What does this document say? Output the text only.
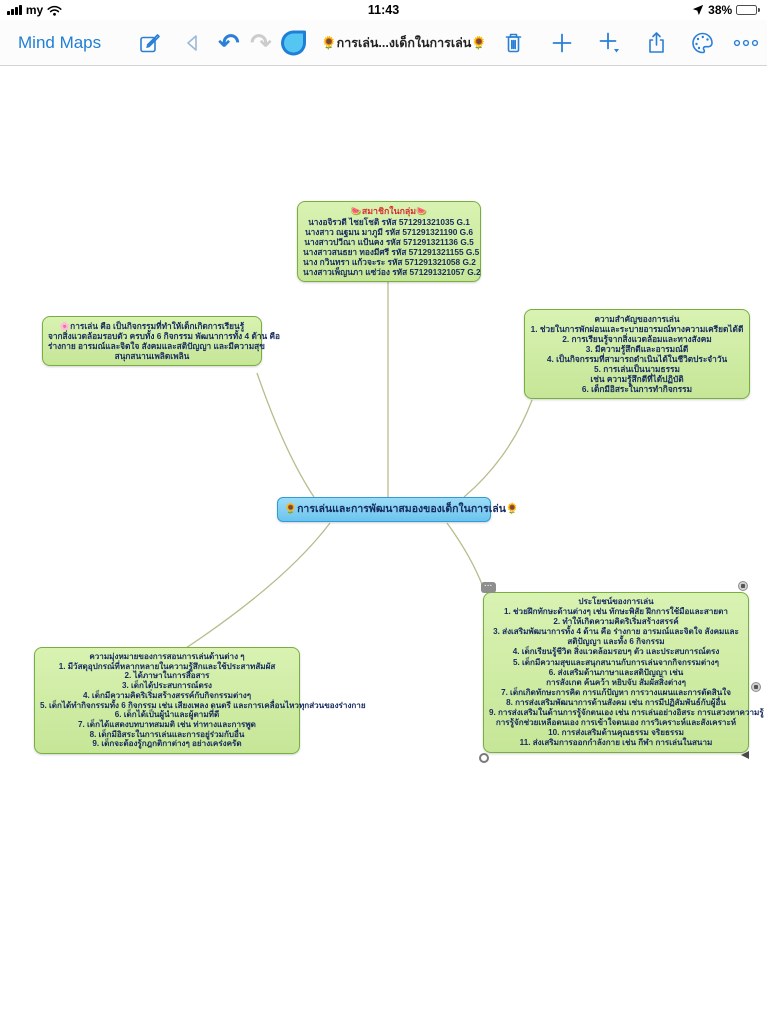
my	11:43	38%
Mind Maps	↶ ↷	🌻การเล่น...งเด็กในการเล่น🌻
🍉สมาชิกในกลุ่ม🍉
นางอจิรวดี ไชยโชติ รหัส 571291321035 G.1
นางสาว ณฐมน มาภูมี รหัส 571291321190 G.6
นางสาวปวีณา แป้นคง รหัส 571291321136 G.5
นางสาวสนธยา ทองมีศรี รหัส 571291321155 G.5
นาง กวินทรา แก้วจะระ รหัส 571291321058 G.2
นางสาวเพ็ญนภา แซ่ว่อง รหัส 571291321057 G.2
🌸การเล่น คือ เป็นกิจกรรมที่ทำให้เด็กเกิดการเรียนรู้
จากสิ่งแวดล้อมรอบตัว ครบทั้ง 6 กิจกรรม พัฒนาการทั้ง 4 ด้าน คือ
ร่างกาย อารมณ์และจิตใจ สังคมและสติปัญญา และมีความสุข
สนุกสนานเพลิดเพลิน
ความสำคัญของการเล่น
1. ช่วยในการพักผ่อนและระบายอารมณ์ทางความเครียดได้ดี
2. การเรียนรู้จากสิ่งแวดล้อมและทางสังคม
3. มีความรู้สึกดีและอารมณ์ดี
4. เป็นกิจกรรมที่สามารถดำเนินได้ในชีวิตประจำวัน
5. การเล่นเป็นนามธรรม
เช่น ความรู้สึกดีที่ได้ปฏิบัติ
6. เด็กมีอิสระในการทำกิจกรรม
🌻การเล่นและการพัฒนาสมองของเด็กในการเล่น🌻
ความมุ่งหมายของการสอนการเล่นด้านต่าง ๆ
1. มีวัสดุอุปกรณ์ที่หลากหลายในความรู้สึกและใช้ประสาทสัมผัส
2. ได้ภาษาในการสื่อสาร
3. เด็กได้ประสบการณ์ตรง
4. เด็กมีความคิดริเริ่มสร้างสรรค์กับกิจกรรมต่างๆ
5. เด็กได้ทำกิจกรรมทั้ง 6 กิจกรรม เช่น เสียงเพลง ดนตรี และการเคลื่อนไหวทุกส่วนของร่างกาย
6. เด็กได้เป็นผู้นำและผู้ตามที่ดี
7. เด็กได้แสดงบทบาทสมมติ เช่น ท่าทางและการพูด
8. เด็กมีอิสระในการเล่นและการอยู่ร่วมกับอื่น
9. เด็กจะต้องรู้กฎกติกาต่างๆ อย่างเคร่งครัด
ประโยชน์ของการเล่น
1. ช่วยฝึกทักษะด้านต่างๆ เช่น ทักษะพิสัย ฝึกการใช้มือและสายตา
2. ทำให้เกิดความคิดริเริ่มสร้างสรรค์
3. ส่งเสริมพัฒนาการทั้ง 4 ด้าน คือ ร่างกาย อารมณ์และจิตใจ สังคมและ
สติปัญญา และทั้ง 6 กิจกรรม
4. เด็กเรียนรู้ชีวิต สิ่งแวดล้อมรอบๆ ตัว และประสบการณ์ตรง
5. เด็กมีความสุขและสนุกสนานกับการเล่นจากกิจกรรมต่างๆ
6. ส่งเสริมด้านภาษาและสติปัญญา เช่น
การสังเกต ค้นคว้า หยิบจับ สัมผัสสิ่งต่างๆ
7. เด็กเกิดทักษะการคิด การแก้ปัญหา การวางแผนและการตัดสินใจ
8. การส่งเสริมพัฒนาการด้านสังคม เช่น การมีปฏิสัมพันธ์กับผู้อื่น
9. การส่งเสริมในด้านการรู้จักตนเอง เช่น การเล่นอย่างอิสระ การแสวงหาความรู้
การรู้จักช่วยเหลือตนเอง การเข้าใจตนเอง การวิเคราะห์และสังเคราะห์
10. การส่งเสริมด้านคุณธรรม จริยธรรม
11. ส่งเสริมการออกกำลังกาย เช่น กีฬา การเล่นในสนาม
···
